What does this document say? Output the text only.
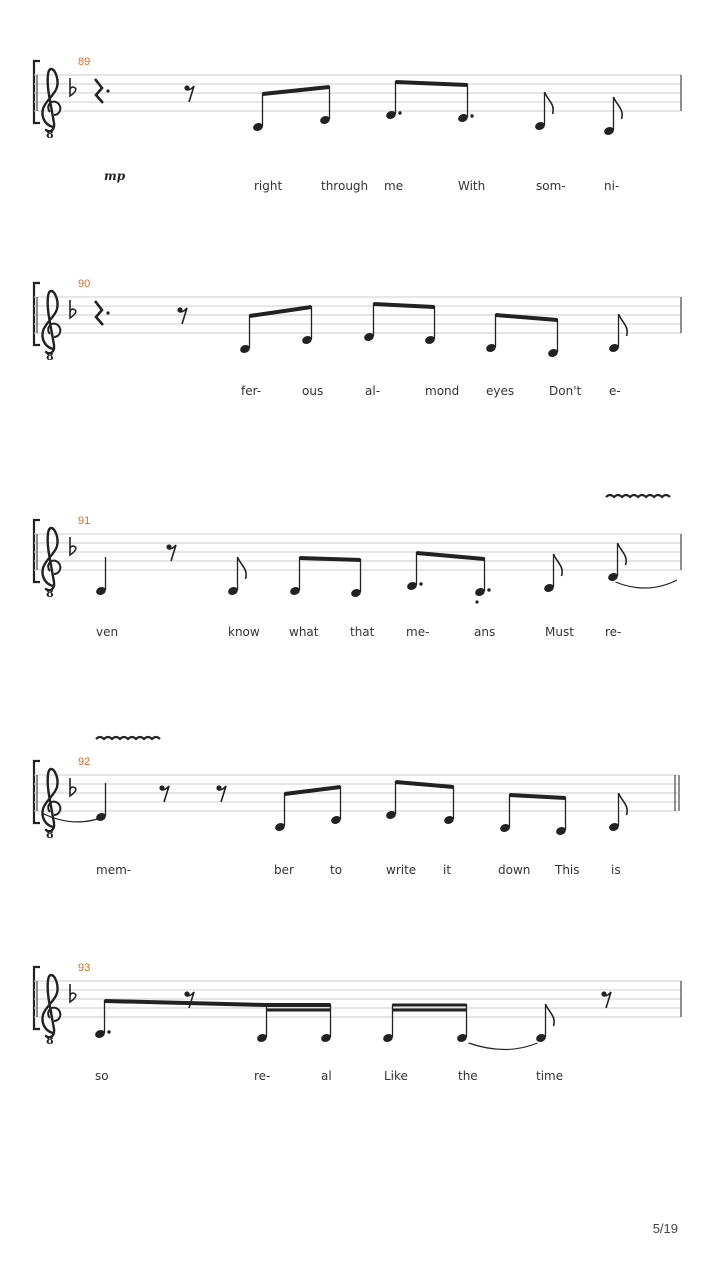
8
89
mp
right	through me	With	som-	ni-
8
90
fer-	ous	al-	mond eyes	Don't e-
8
91
ven	know what	that	me-	ans	Must	re-
8
92
mem-	ber	to	write it	down This	is
8
93
so	re-	al	Like	the	time
5/19
